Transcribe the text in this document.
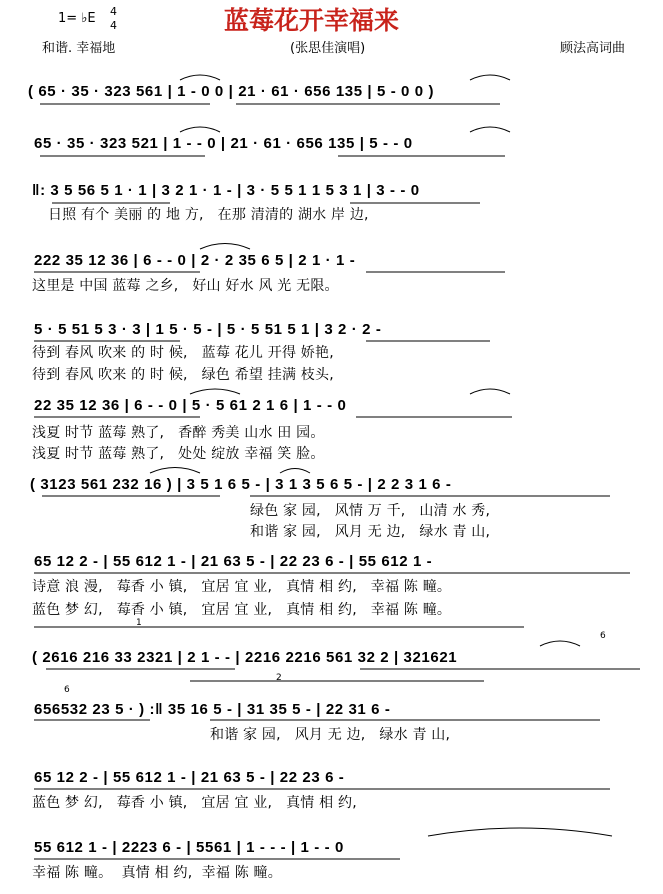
1= ♭E 4
4	蓝莓花开幸福来
和谐. 幸福地	(张思佳演唱)	顾法高词曲
( 65 · 35 · 323 561 | 1 - 0 0 | 21 · 61 · 656 135 | 5 - 0 0 )
65 · 35 · 323 521 | 1 - - 0 | 21 · 61 · 656 135 | 5 - - 0
‖: 3 5 56 5 1 · 1 | 3 2 1 · 1 - | 3 · 5 5 1 1 5 3 1 | 3 - - 0
日照 有个 美丽 的 地 方,   在那 清清的 湖水 岸 边,
222 35 12 36 | 6 - - 0 | 2 · 2 35 6 5 | 2 1 · 1 -
这里是 中国 蓝莓 之乡,   好山 好水 风 光 无限。
5 · 5 51 5 3 · 3 | 1 5 · 5 - | 5 · 5 51 5 1 | 3 2 · 2 -
待到 春风 吹来 的 时 候,   蓝莓 花儿 开得 娇艳,
待到 春风 吹来 的 时 候,   绿色 希望 挂满 枝头,
22 35 12 36 | 6 - - 0 | 5 · 5 61 2 1 6 | 1 - - 0
浅夏 时节 蓝莓 熟了,   香醉 秀美 山水 田 园。
浅夏 时节 蓝莓 熟了,   处处 绽放 幸福 笑 脸。
( 3123 561 232 16 ) | 3 5 1 6 5 - | 3 1 3 5 6 5 - | 2 2 3 1 6 -
绿色 家 园,   风情 万 千,   山清 水 秀,
和谐 家 园,   风月 无 边,   绿水 青 山,
65 12 2 - | 55 612 1 - | 21 63 5 - | 22 23 6 - | 55 612 1 -
诗意 浪 漫,   莓香 小 镇,   宜居 宜 业,   真情 相 约,   幸福 陈 疃。
蓝色 梦 幻,   莓香 小 镇,   宜居 宜 业,   真情 相 约,   幸福 陈 疃。
1
( 2616 216 33 2321 | 2 1 - - | 2216 2216 561 32 2 | 321621
6
6
2
656532 23 5 · ) :‖ 35 16 5 - | 31 35 5 - | 22 31 6 -
和谐 家 园,   风月 无 边,   绿水 青 山,
65 12 2 - | 55 612 1 - | 21 63 5 - | 22 23 6 -
蓝色 梦 幻,   莓香 小 镇,   宜居 宜 业,   真情 相 约,
55 612 1 - | 2223 6 - | 5561 | 1 - - - | 1 - - 0
幸福 陈 疃。  真情 相 约,  幸福 陈 疃。
